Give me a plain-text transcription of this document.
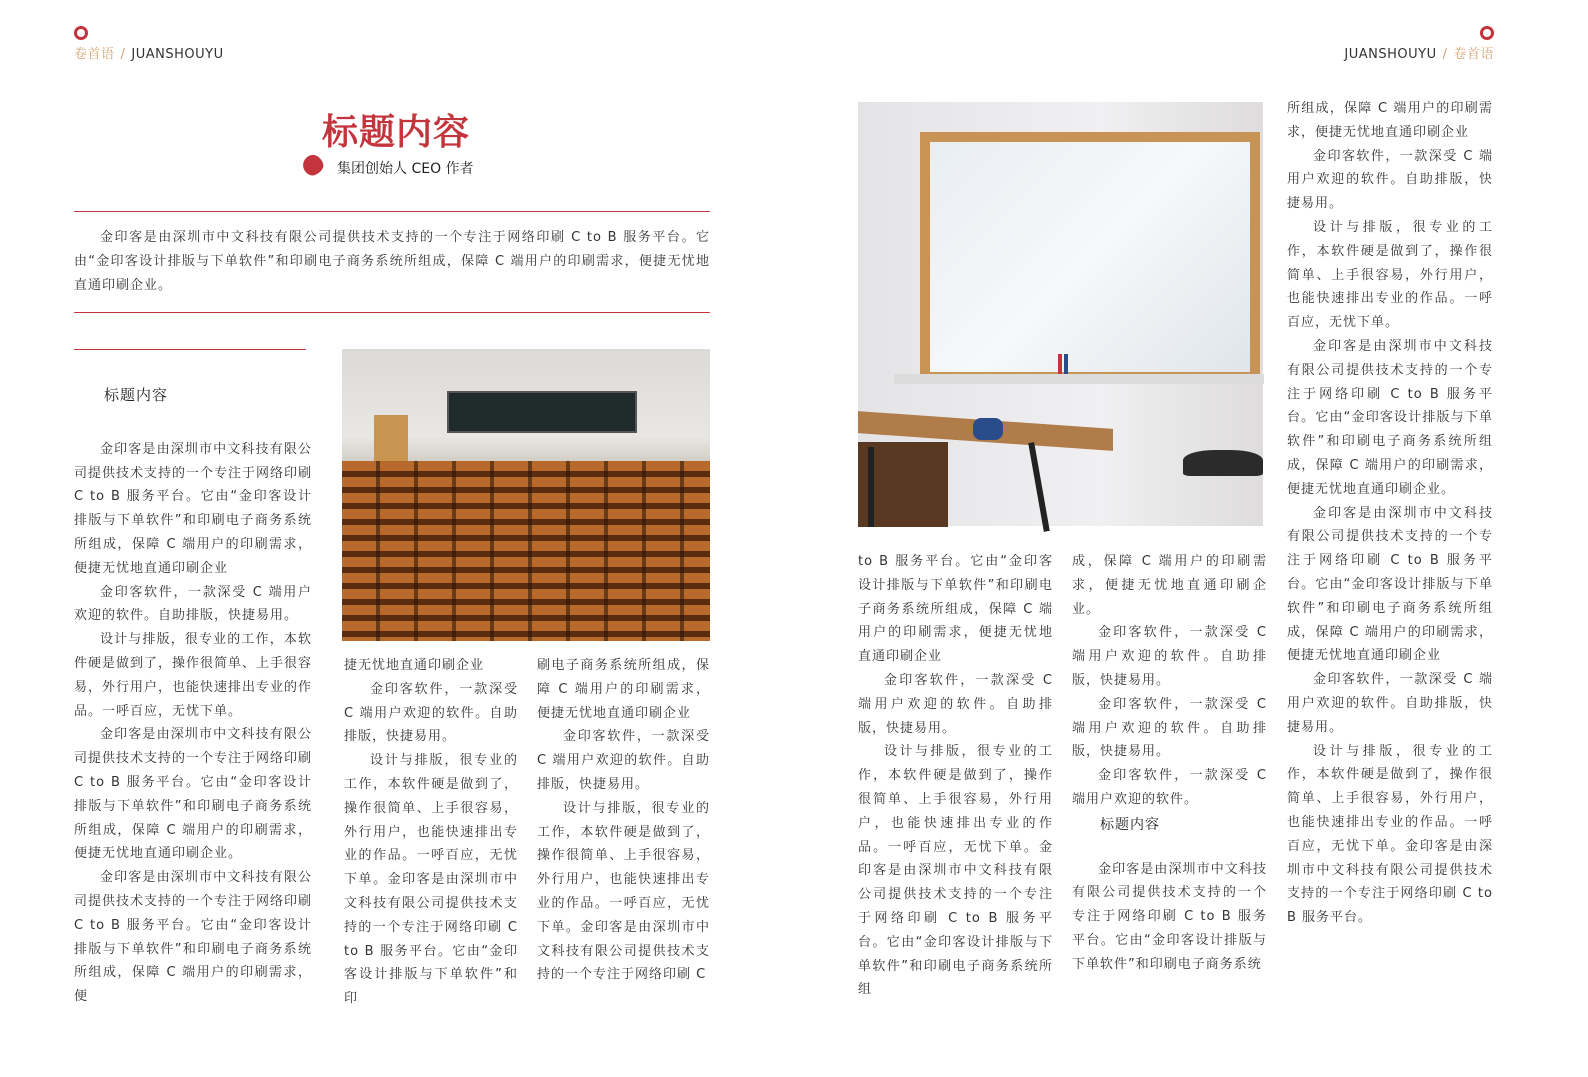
卷首语 / JUANSHOUYU	JUANSHOUYU / 卷首语
标题内容
集团创始人 CEO 作者

金印客是由深圳市中文科技有限公司提供技术支持的一个专注于网络印刷 C to B 服务平台。它由“金印客设计排版与下单软件”和印刷电子商务系统所组成，保障 C 端用户的印刷需求，便捷无忧地直通印刷企业。

标题内容

金印客是由深圳市中文科技有限公司提供技术支持的一个专注于网络印刷 C to B 服务平台。它由“金印客设计排版与下单软件”和印刷电子商务系统所组成，保障 C 端用户的印刷需求，便捷无忧地直通印刷企业

金印客软件，一款深受 C 端用户欢迎的软件。自助排版，快捷易用。

设计与排版，很专业的工作，本软件硬是做到了，操作很简单、上手很容易，外行用户，也能快速排出专业的作品。一呼百应，无忧下单。

金印客是由深圳市中文科技有限公司提供技术支持的一个专注于网络印刷 C to B 服务平台。它由“金印客设计排版与下单软件”和印刷电子商务系统所组成，保障 C 端用户的印刷需求，便捷无忧地直通印刷企业。

金印客是由深圳市中文科技有限公司提供技术支持的一个专注于网络印刷 C to B 服务平台。它由“金印客设计排版与下单软件”和印刷电子商务系统所组成，保障 C 端用户的印刷需求，便

捷无忧地直通印刷企业

金印客软件，一款深受 C 端用户欢迎的软件。自助排版，快捷易用。

设计与排版，很专业的工作，本软件硬是做到了，操作很简单、上手很容易，外行用户，也能快速排出专业的作品。一呼百应，无忧下单。金印客是由深圳市中文科技有限公司提供技术支持的一个专注于网络印刷 C to B 服务平台。它由“金印客设计排版与下单软件”和印

刷电子商务系统所组成，保障 C 端用户的印刷需求，便捷无忧地直通印刷企业

金印客软件，一款深受 C 端用户欢迎的软件。自助排版，快捷易用。

设计与排版，很专业的工作，本软件硬是做到了，操作很简单、上手很容易，外行用户，也能快速排出专业的作品。一呼百应，无忧下单。金印客是由深圳市中文科技有限公司提供技术支持的一个专注于网络印刷 C

to B 服务平台。它由“金印客设计排版与下单软件”和印刷电子商务系统所组成，保障 C 端用户的印刷需求，便捷无忧地直通印刷企业

金印客软件，一款深受 C 端用户欢迎的软件。自助排版，快捷易用。

设计与排版，很专业的工作，本软件硬是做到了，操作很简单、上手很容易，外行用户，也能快速排出专业的作品。一呼百应，无忧下单。金印客是由深圳市中文科技有限公司提供技术支持的一个专注于网络印刷 C to B 服务平台。它由“金印客设计排版与下单软件”和印刷电子商务系统所组

成，保障 C 端用户的印刷需求，便捷无忧地直通印刷企业。

金印客软件，一款深受 C 端用户欢迎的软件。自助排版，快捷易用。

金印客软件，一款深受 C 端用户欢迎的软件。自助排版，快捷易用。

金印客软件，一款深受 C 端用户欢迎的软件。

标题内容

金印客是由深圳市中文科技有限公司提供技术支持的一个专注于网络印刷 C to B 服务平台。它由“金印客设计排版与下单软件”和印刷电子商务系统

所组成，保障 C 端用户的印刷需求，便捷无忧地直通印刷企业

金印客软件，一款深受 C 端用户欢迎的软件。自助排版，快捷易用。

设计与排版，很专业的工作，本软件硬是做到了，操作很简单、上手很容易，外行用户，也能快速排出专业的作品。一呼百应，无忧下单。

金印客是由深圳市中文科技有限公司提供技术支持的一个专注于网络印刷 C to B 服务平台。它由“金印客设计排版与下单软件”和印刷电子商务系统所组成，保障 C 端用户的印刷需求，便捷无忧地直通印刷企业。

金印客是由深圳市中文科技有限公司提供技术支持的一个专注于网络印刷 C to B 服务平台。它由“金印客设计排版与下单软件”和印刷电子商务系统所组成，保障 C 端用户的印刷需求，便捷无忧地直通印刷企业

金印客软件，一款深受 C 端用户欢迎的软件。自助排版，快捷易用。

设计与排版，很专业的工作，本软件硬是做到了，操作很简单、上手很容易，外行用户，也能快速排出专业的作品。一呼百应，无忧下单。金印客是由深圳市中文科技有限公司提供技术支持的一个专注于网络印刷 C to B 服务平台。
